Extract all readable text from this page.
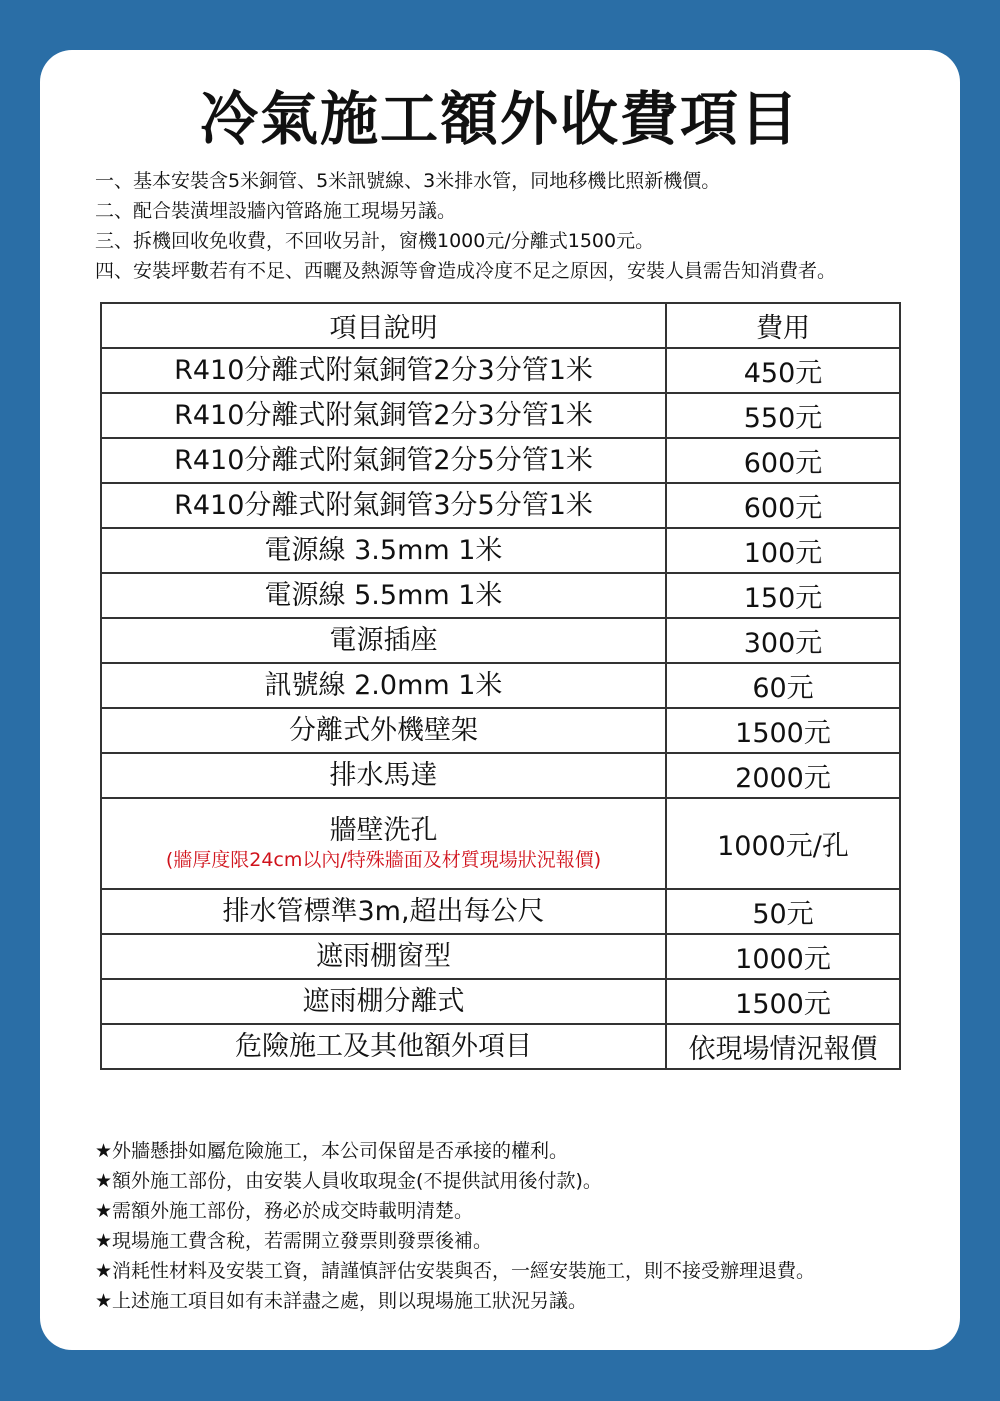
冷氣施工額外收費項目
一、基本安裝含5米銅管、5米訊號線、3米排水管，同地移機比照新機價。
二、配合裝潢埋設牆內管路施工現場另議。
三、拆機回收免收費，不回收另計，窗機1000元/分離式1500元。
四、安裝坪數若有不足、西曬及熱源等會造成冷度不足之原因，安裝人員需告知消費者。
項目說明	費用

R410分離式附氣銅管2分3分管1米	450元

R410分離式附氣銅管2分3分管1米	550元

R410分離式附氣銅管2分5分管1米	600元

R410分離式附氣銅管3分5分管1米	600元

電源線 3.5mm 1米	100元

電源線 5.5mm 1米	150元

電源插座	300元

訊號線 2.0mm 1米	60元

分離式外機壁架	1500元

排水馬達	2000元

牆壁洗孔
(牆厚度限24cm以內/特殊牆面及材質現場狀況報價)	1000元/孔

排水管標準3m,超出每公尺	50元

遮雨棚窗型	1000元

遮雨棚分離式	1500元

危險施工及其他額外項目	依現場情況報價
★外牆懸掛如屬危險施工，本公司保留是否承接的權利。
★額外施工部份，由安裝人員收取現金(不提供試用後付款)。
★需額外施工部份，務必於成交時載明清楚。
★現場施工費含稅，若需開立發票則發票後補。
★消耗性材料及安裝工資，請謹慎評估安裝與否，一經安裝施工，則不接受辦理退費。
★上述施工項目如有未詳盡之處，則以現場施工狀況另議。
